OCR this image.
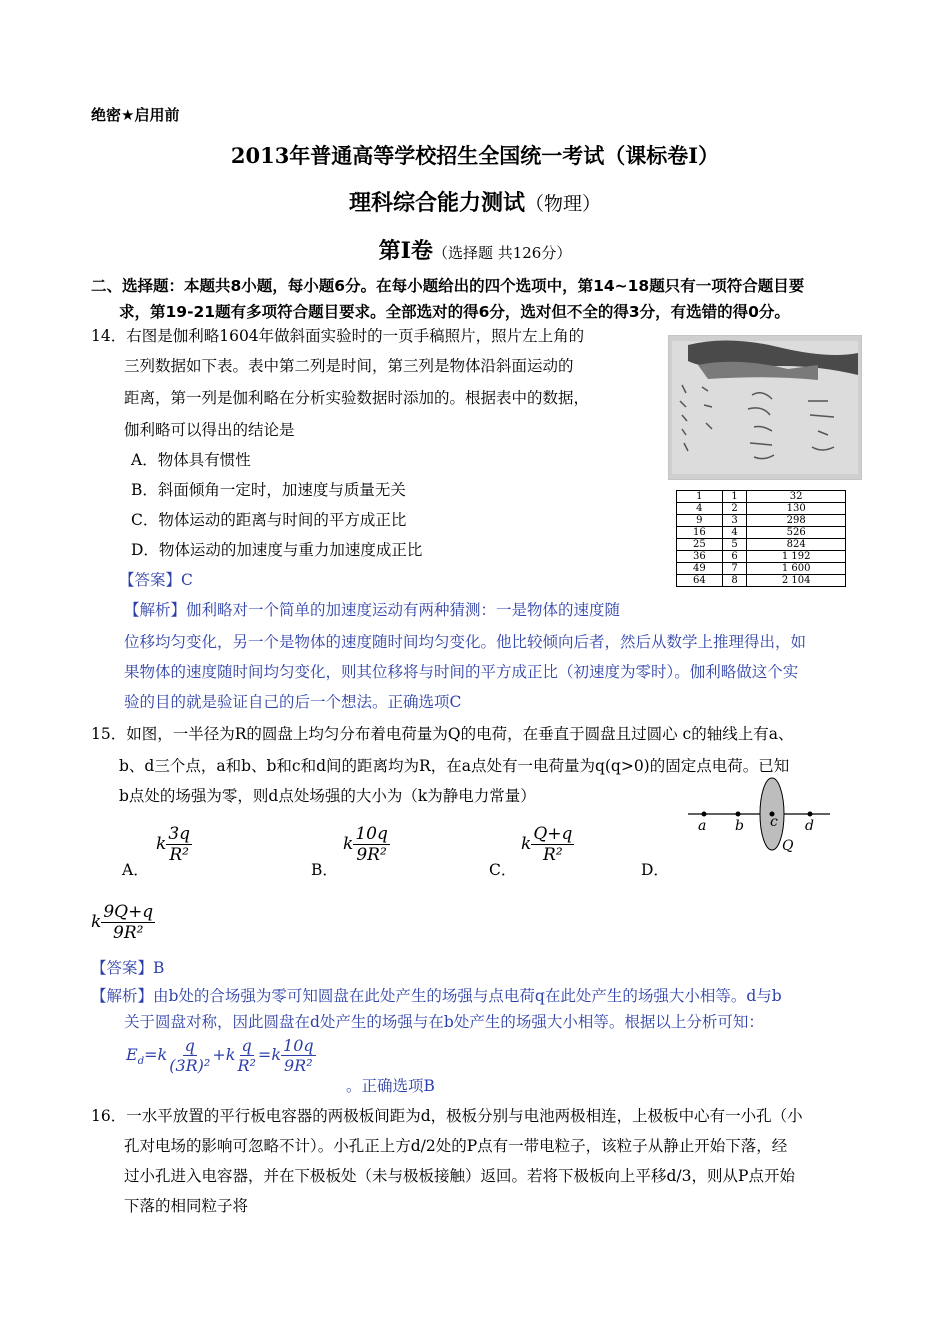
绝密★启用前
2013年普通高等学校招生全国统一考试（课标卷I）
理科综合能力测试（物理）
第Ⅰ卷（选择题 共126分）
二、选择题：本题共8小题，每小题6分。在每小题给出的四个选项中，第14~18题只有一项符合题目要
求，第19-21题有多项符合题目要求。全部选对的得6分，选对但不全的得3分，有选错的得0分。
14．右图是伽利略1604年做斜面实验时的一页手稿照片，照片左上角的
三列数据如下表。表中第二列是时间，第三列是物体沿斜面运动的
距离，第一列是伽利略在分析实验数据时添加的。根据表中的数据，
伽利略可以得出的结论是
A．物体具有惯性
B．斜面倾角一定时，加速度与质量无关
C．物体运动的距离与时间的平方成正比
D．物体运动的加速度与重力加速度成正比
【答案】C
【解析】伽利略对一个简单的加速度运动有两种猜测：一是物体的速度随
位移均匀变化，另一个是物体的速度随时间均匀变化。他比较倾向后者，然后从数学上推理得出，如
果物体的速度随时间均匀变化，则其位移将与时间的平方成正比（初速度为零时）。伽利略做这个实
验的目的就是验证自己的后一个想法。正确选项C
1	1	32
4	2	130
9	3	298
16	4	526
25	5	824
36	6	1 192
49	7	1 600
64	8	2 104
15．如图，一半径为R的圆盘上均匀分布着电荷量为Q的电荷，在垂直于圆盘且过圆心 c的轴线上有a、
b、d三个点，a和b、b和c和d间的距离均为R，在a点处有一电荷量为q(q>0)的固定点电荷。已知
b点处的场强为零，则d点处场强的大小为（k为静电力常量）
a b c d
Q
k $\frac{3q}{\text{R²}}$
A．
k $\frac{10q}{\text{9R²}}$
B．
k $\frac{Q+q}{\text{R²}}$
C．	D．
k $\frac{9Q+q}{\text{9R²}}$
【答案】B
【解析】由b处的合场强为零可知圆盘在此处产生的场强与点电荷q在此处产生的场强大小相等。d与b
关于圆盘对称，因此圆盘在d处产生的场强与在b处产生的场强大小相等。根据以上分析可知：
$E_d=k \frac{q}{\text{(3R)²}} +k \frac{q}{\text{R²}} =k \frac{10q}{\text{9R²}}$
。正确选项B
16．一水平放置的平行板电容器的两极板间距为d，极板分别与电池两极相连，上极板中心有一小孔（小
孔对电场的影响可忽略不计）。小孔正上方d/2处的P点有一带电粒子，该粒子从静止开始下落，经
过小孔进入电容器，并在下极板处（未与极板接触）返回。若将下极板向上平移d/3，则从P点开始
下落的相同粒子将
